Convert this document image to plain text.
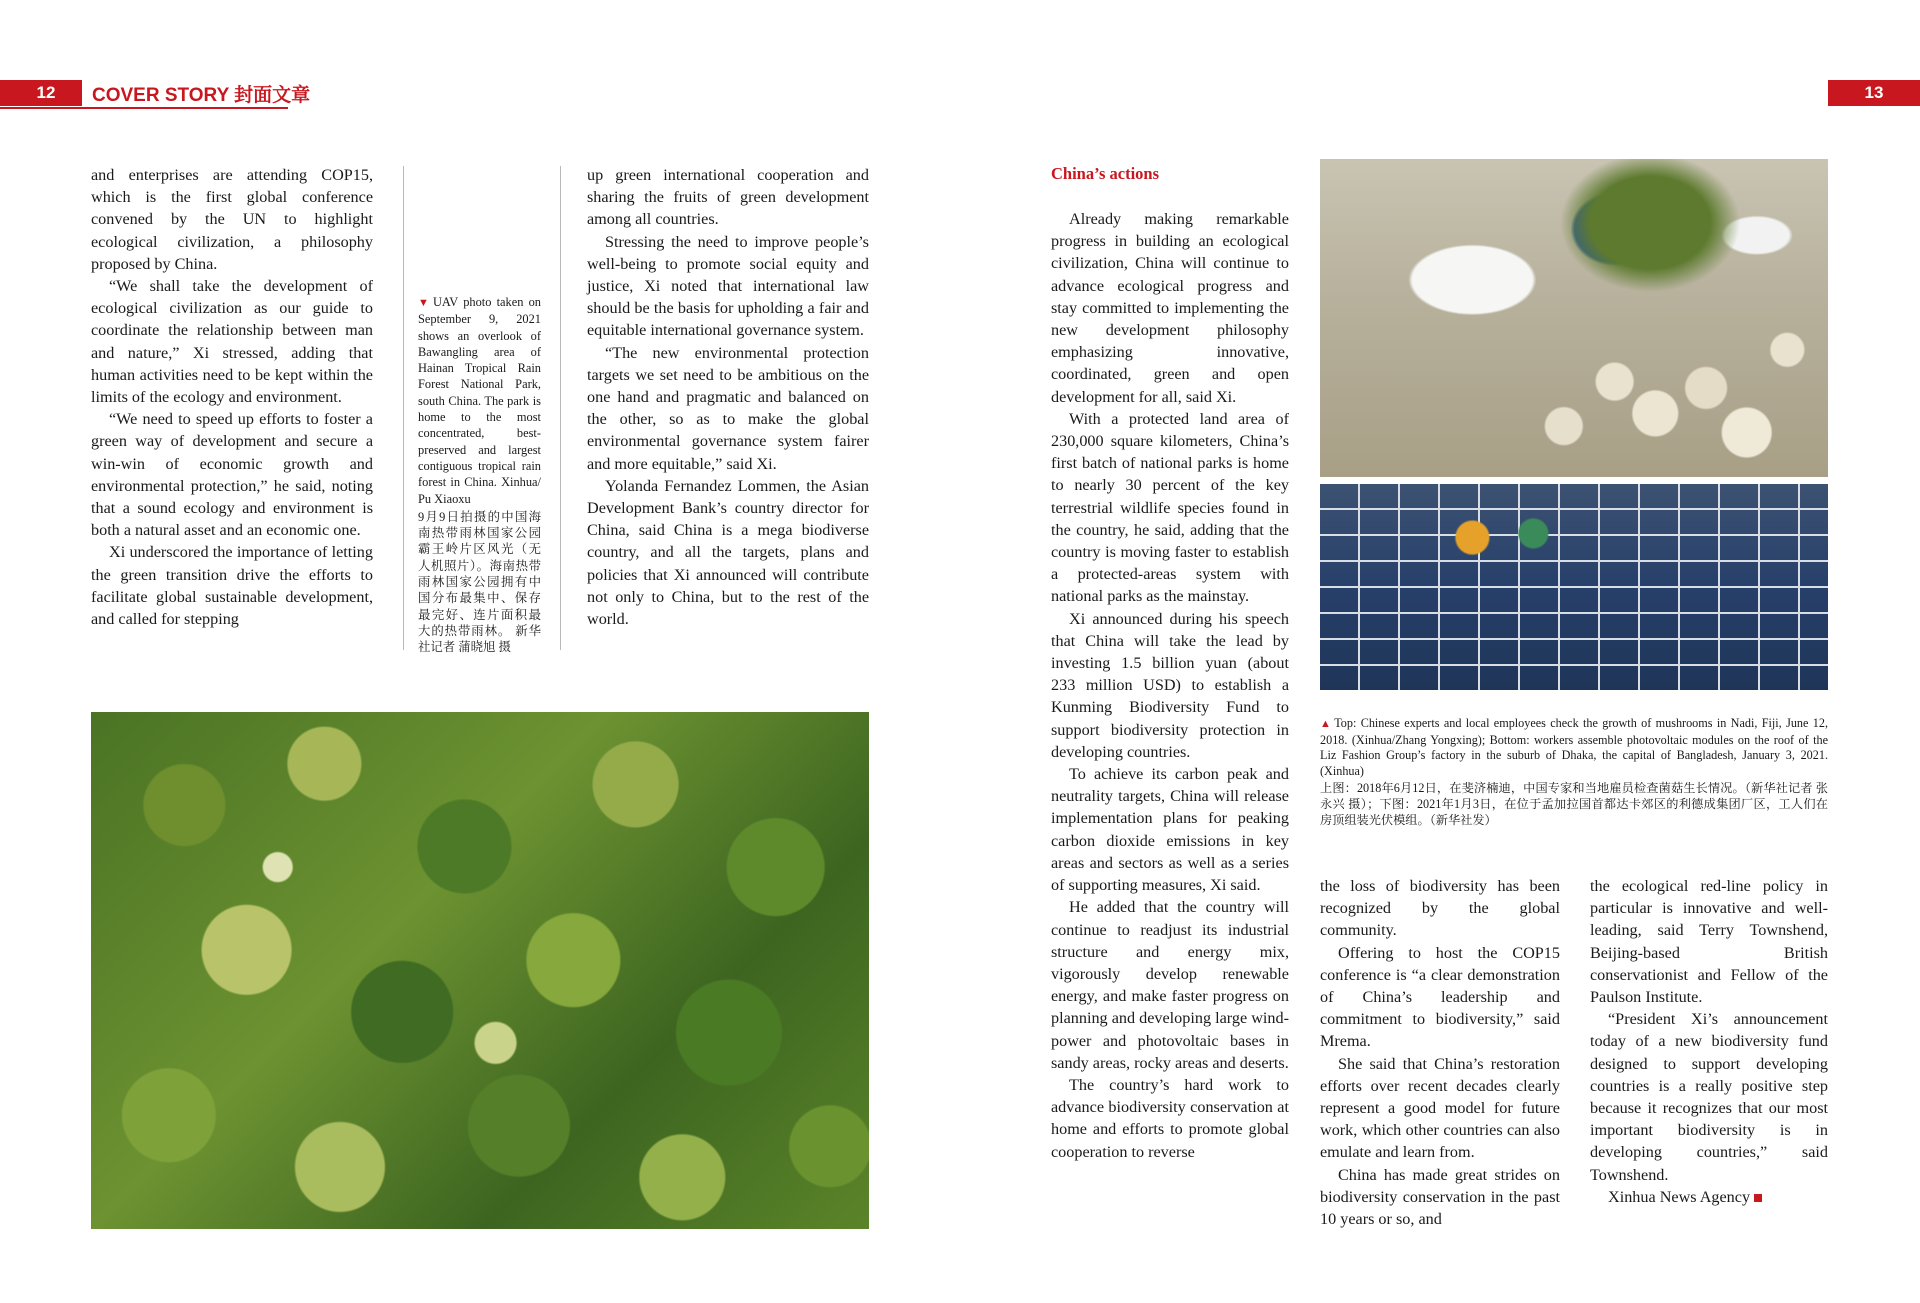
12	COVER STORY 封面文章	13

and enterprises are attending COP15, which is the first global conference convened by the UN to highlight ecological civilization, a philosophy proposed by China.

“We shall take the development of ecological civilization as our guide to coordinate the relationship between man and nature,” Xi stressed, adding that human activities need to be kept within the limits of the ecology and environment.

“We need to speed up efforts to foster a green way of development and secure a win-win of economic growth and environmental protection,” he said, noting that a sound ecology and environment is both a natural asset and an economic one.

Xi underscored the importance of letting the green transition drive the efforts to facilitate global sustainable development, and called for stepping

▼ UAV photo taken on September 9, 2021 shows an overlook of Bawangling area of Hainan Tropical Rain Forest National Park, south China. The park is home to the most concentrated, best-preserved and largest contiguous tropical rain forest in China. Xinhua/ Pu Xiaoxu
9月9日拍摄的中国海南热带雨林国家公园霸王岭片区风光（无人机照片）。海南热带雨林国家公园拥有中国分布最集中、保存最完好、连片面积最大的热带雨林。 新华社记者 蒲晓旭 摄

up green international cooperation and sharing the fruits of green development among all countries.

Stressing the need to improve people’s well-being to promote social equity and justice, Xi noted that international law should be the basis for upholding a fair and equitable international governance system.

“The new environmental protection targets we set need to be ambitious on the one hand and pragmatic and balanced on the other, so as to make the global environmental governance system fairer and more equitable,” said Xi.

Yolanda Fernandez Lommen, the Asian Development Bank’s country director for China, said China is a mega biodiverse country, and all the targets, plans and policies that Xi announced will contribute not only to China, but to the rest of the world.

China’s actions

Already making remarkable progress in building an ecological civilization, China will continue to advance ecological progress and stay committed to implementing the new development philosophy emphasizing innovative, coordinated, green and open development for all, said Xi.

With a protected land area of 230,000 square kilometers, China’s first batch of national parks is home to nearly 30 percent of the key terrestrial wildlife species found in the country, he said, adding that the country is moving faster to establish a protected-areas system with national parks as the mainstay.

Xi announced during his speech that China will take the lead by investing 1.5 billion yuan (about 233 million USD) to establish a Kunming Biodiversity Fund to support biodiversity protection in developing countries.

To achieve its carbon peak and neutrality targets, China will release implementation plans for peaking carbon dioxide emissions in key areas and sectors as well as a series of supporting measures, Xi said.

He added that the country will continue to readjust its industrial structure and energy mix, vigorously develop renewable energy, and make faster progress on planning and developing large wind-power and photovoltaic bases in sandy areas, rocky areas and deserts.

The country’s hard work to advance biodiversity conservation at home and efforts to promote global cooperation to reverse

▲ Top: Chinese experts and local employees check the growth of mushrooms in Nadi, Fiji, June 12, 2018. (Xinhua/Zhang Yongxing); Bottom: workers assemble photovoltaic modules on the roof of the Liz Fashion Group’s factory in the suburb of Dhaka, the capital of Bangladesh, January 3, 2021. (Xinhua)
上图：2018年6月12日，在斐济楠迪，中国专家和当地雇员检查菌菇生长情况。（新华社记者 张永兴 摄）；下图：2021年1月3日，在位于孟加拉国首都达卡郊区的利德成集团厂区，工人们在房顶组装光伏模组。（新华社发）

the loss of biodiversity has been recognized by the global community.

Offering to host the COP15 conference is “a clear demonstration of China’s leadership and commitment to biodiversity,” said Mrema.

She said that China’s restoration efforts over recent decades clearly represent a good model for future work, which other countries can also emulate and learn from.

China has made great strides on biodiversity conservation in the past 10 years or so, and

the ecological red-line policy in particular is innovative and well-leading, said Terry Townshend, Beijing-based British conservationist and Fellow of the Paulson Institute.

“President Xi’s announcement today of a new biodiversity fund designed to support developing countries is a really positive step because it recognizes that our most important biodiversity is in developing countries,” said Townshend.

Xinhua News Agency
